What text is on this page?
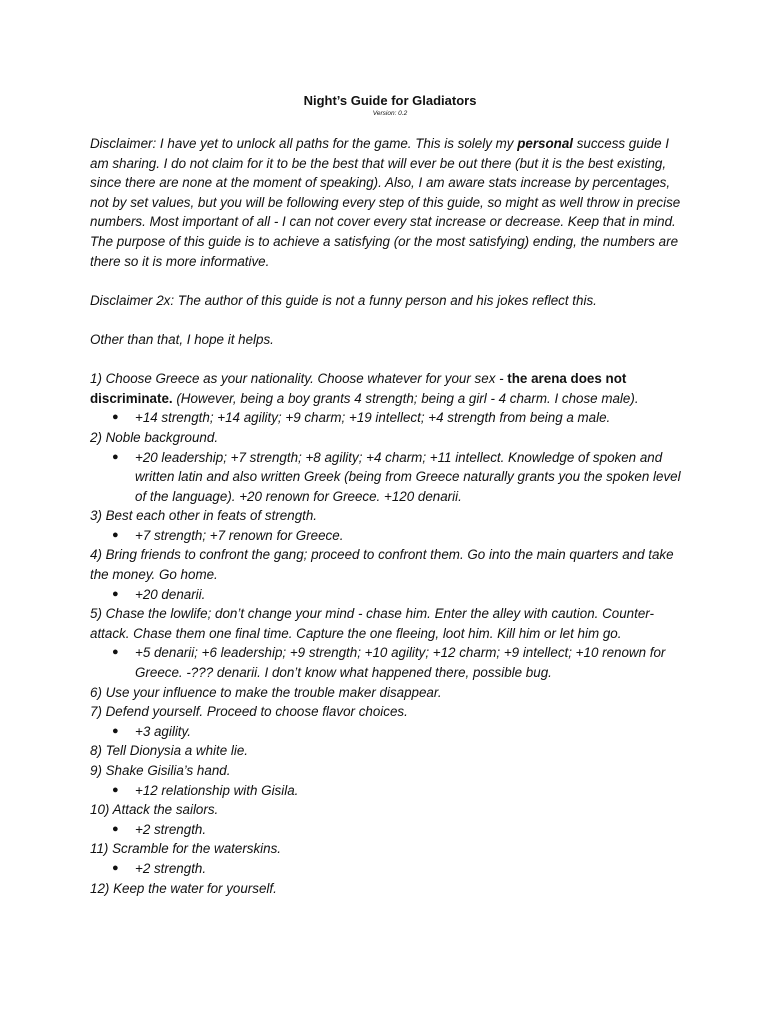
Night’s Guide for Gladiators
Version: 0.2

Disclaimer: I have yet to unlock all paths for the game. This is solely my personal success guide I am sharing. I do not claim for it to be the best that will ever be out there (but it is the best existing, since there are none at the moment of speaking). Also, I am aware stats increase by percentages, not by set values, but you will be following every step of this guide, so might as well throw in precise numbers. Most important of all - I can not cover every stat increase or decrease. Keep that in mind. The purpose of this guide is to achieve a satisfying (or the most satisfying) ending, the numbers are there so it is more informative.

Disclaimer 2x: The author of this guide is not a funny person and his jokes reflect this.

Other than that, I hope it helps.

1) Choose Greece as your nationality. Choose whatever for your sex - the arena does not discriminate. (However, being a boy grants 4 strength; being a girl - 4 charm. I chose male).

● +14 strength; +14 agility; +9 charm; +19 intellect; +4 strength from being a male.

2) Noble background.

● +20 leadership; +7 strength; +8 agility; +4 charm; +11 intellect. Knowledge of spoken and written latin and also written Greek (being from Greece naturally grants you the spoken level of the language). +20 renown for Greece. +120 denarii.

3) Best each other in feats of strength.

● +7 strength; +7 renown for Greece.

4) Bring friends to confront the gang; proceed to confront them. Go into the main quarters and take the money. Go home.

● +20 denarii.

5) Chase the lowlife; don’t change your mind - chase him. Enter the alley with caution. Counter-attack. Chase them one final time. Capture the one fleeing, loot him. Kill him or let him go.

● +5 denarii; +6 leadership; +9 strength; +10 agility; +12 charm; +9 intellect; +10 renown for Greece. -??? denarii. I don’t know what happened there, possible bug.

6) Use your influence to make the trouble maker disappear.

7) Defend yourself. Proceed to choose flavor choices.

● +3 agility.

8) Tell Dionysia a white lie.

9) Shake Gisilia’s hand.

● +12 relationship with Gisila.

10) Attack the sailors.

● +2 strength.

11) Scramble for the waterskins.

● +2 strength.

12) Keep the water for yourself.
